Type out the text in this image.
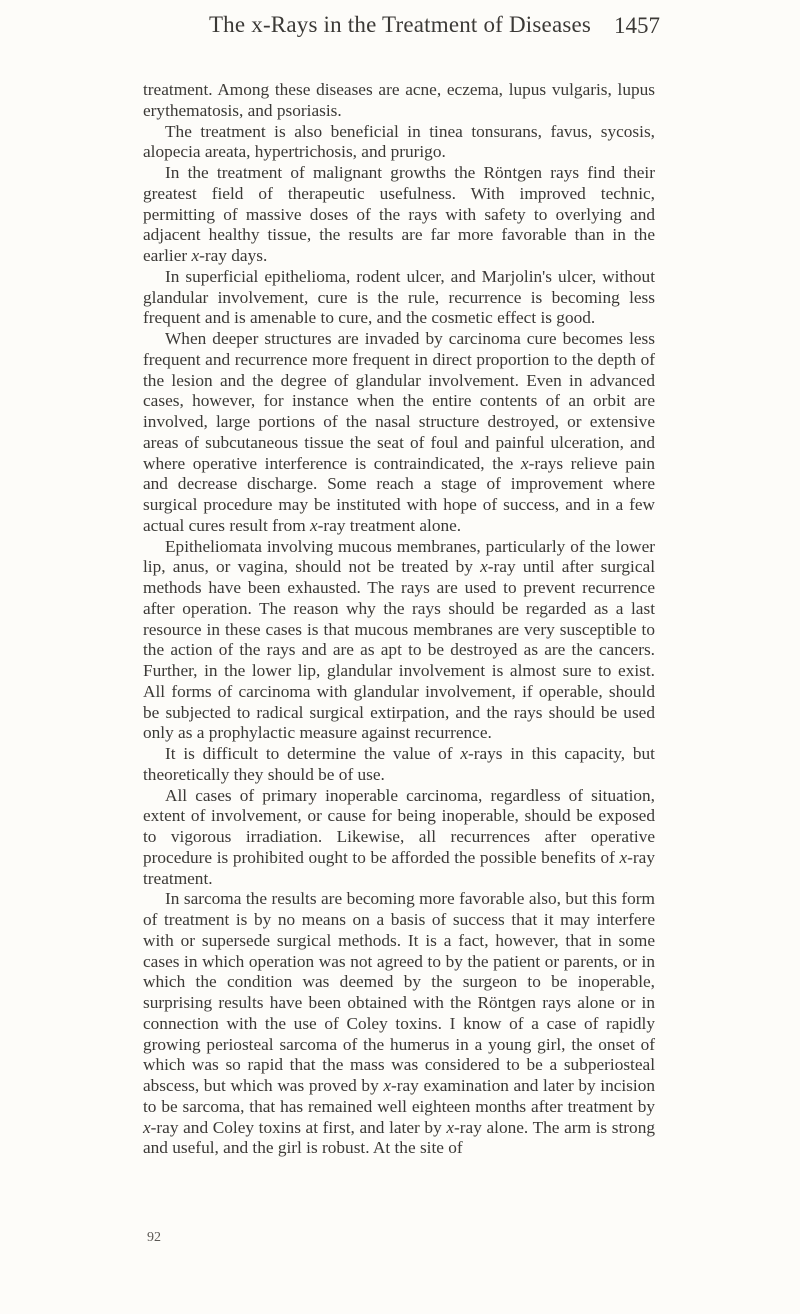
The x-Rays in the Treatment of Diseases 1457

treatment. Among these diseases are acne, eczema, lupus vulgaris, lupus erythematosis, and psoriasis.

The treatment is also beneficial in tinea tonsurans, favus, sycosis, alopecia areata, hypertrichosis, and prurigo.

In the treatment of malignant growths the Röntgen rays find their greatest field of therapeutic usefulness. With improved technic, permitting of massive doses of the rays with safety to overlying and adjacent healthy tissue, the results are far more favorable than in the earlier x-ray days.

In superficial epithelioma, rodent ulcer, and Marjolin's ulcer, without glandular involvement, cure is the rule, recurrence is becoming less frequent and is amenable to cure, and the cosmetic effect is good.

When deeper structures are invaded by carcinoma cure becomes less frequent and recurrence more frequent in direct proportion to the depth of the lesion and the degree of glandular involvement. Even in advanced cases, however, for instance when the entire contents of an orbit are involved, large portions of the nasal structure destroyed, or extensive areas of subcutaneous tissue the seat of foul and painful ulceration, and where operative interference is contraindicated, the x-rays relieve pain and decrease discharge. Some reach a stage of improvement where surgical procedure may be instituted with hope of success, and in a few actual cures result from x-ray treatment alone.

Epitheliomata involving mucous membranes, particularly of the lower lip, anus, or vagina, should not be treated by x-ray until after surgical methods have been exhausted. The rays are used to prevent recurrence after operation. The reason why the rays should be regarded as a last resource in these cases is that mucous membranes are very susceptible to the action of the rays and are as apt to be destroyed as are the cancers. Further, in the lower lip, glandular involvement is almost sure to exist. All forms of carcinoma with glandular involvement, if operable, should be subjected to radical surgical extirpation, and the rays should be used only as a prophylactic measure against recurrence.

It is difficult to determine the value of x-rays in this capacity, but theoretically they should be of use.

All cases of primary inoperable carcinoma, regardless of situation, extent of involvement, or cause for being inoperable, should be exposed to vigorous irradiation. Likewise, all recurrences after operative procedure is prohibited ought to be afforded the possible benefits of x-ray treatment.

In sarcoma the results are becoming more favorable also, but this form of treatment is by no means on a basis of success that it may interfere with or supersede surgical methods. It is a fact, however, that in some cases in which operation was not agreed to by the patient or parents, or in which the condition was deemed by the surgeon to be inoperable, surprising results have been obtained with the Röntgen rays alone or in connection with the use of Coley toxins. I know of a case of rapidly growing periosteal sarcoma of the humerus in a young girl, the onset of which was so rapid that the mass was considered to be a subperiosteal abscess, but which was proved by x-ray examination and later by incision to be sarcoma, that has remained well eighteen months after treatment by x-ray and Coley toxins at first, and later by x-ray alone. The arm is strong and useful, and the girl is robust. At the site of

92
